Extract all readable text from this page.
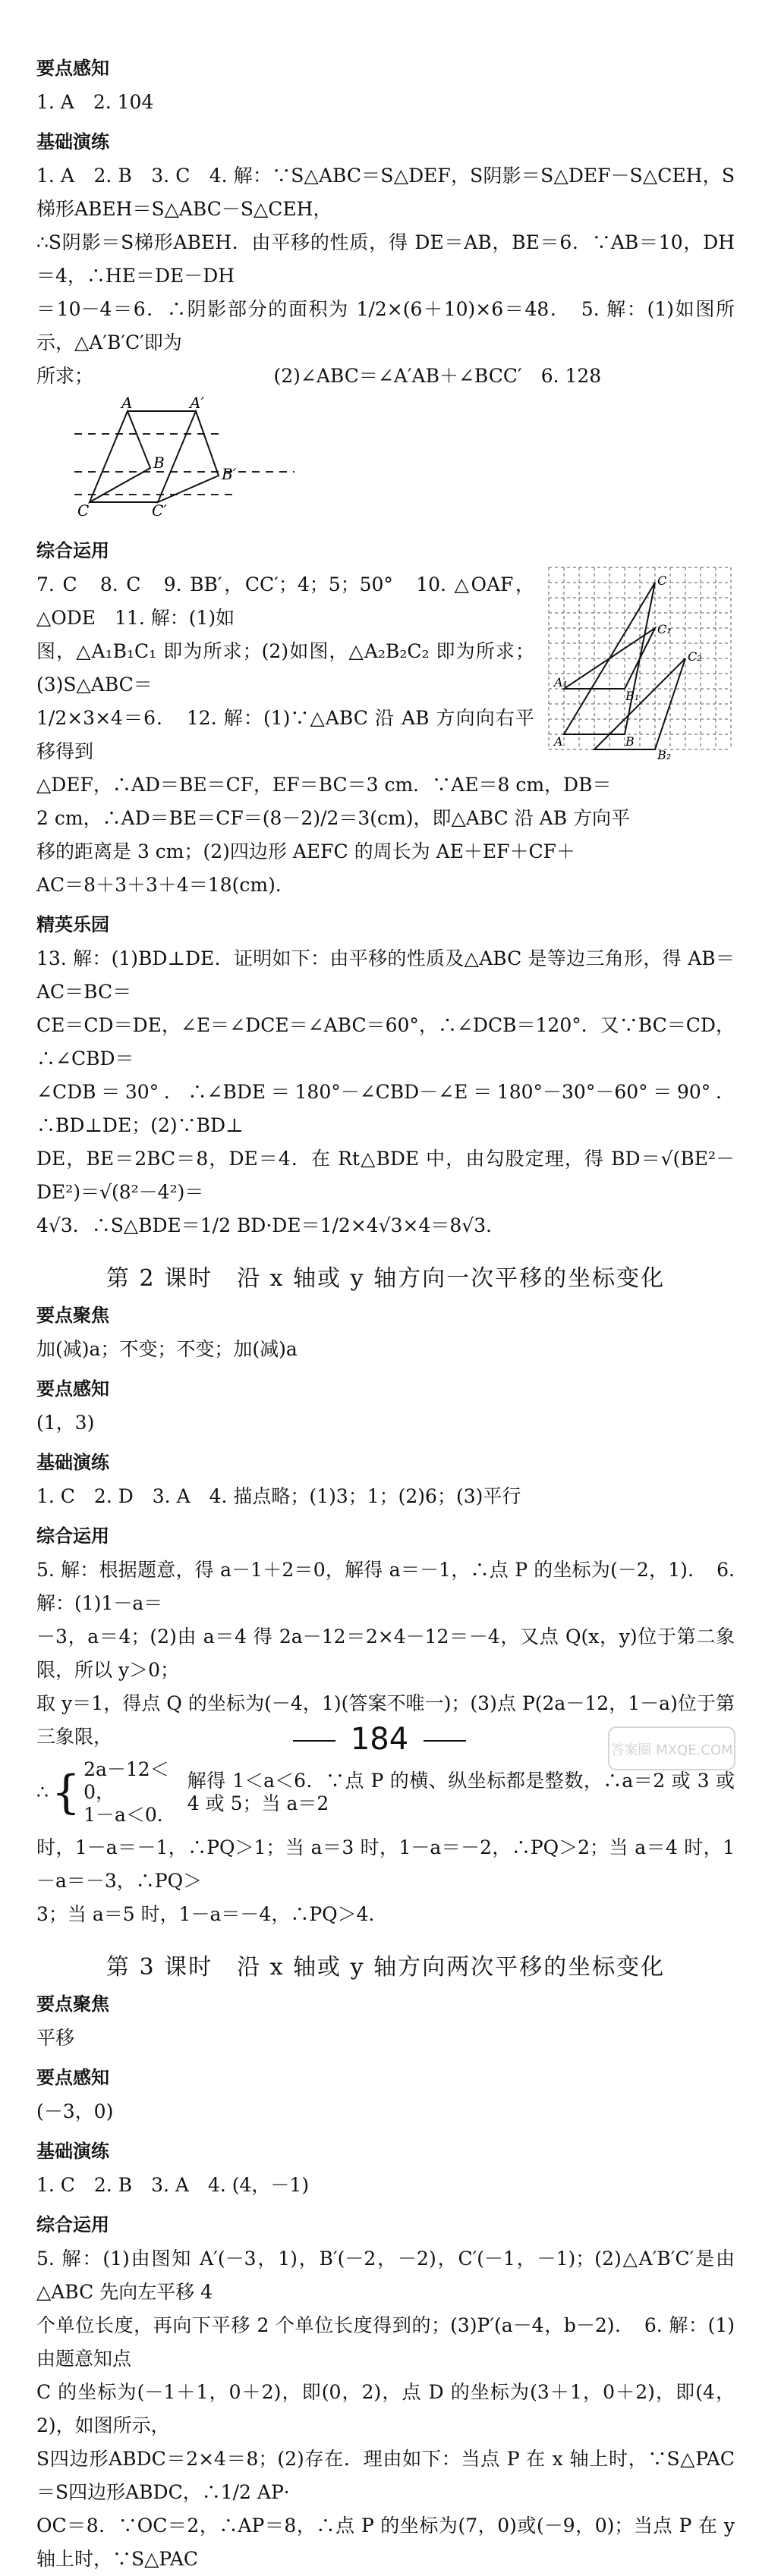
要点感知

1. A　2. 104

基础演练

1. A　2. B　3. C　4. 解：∵S△ABC＝S△DEF，S阴影＝S△DEF－S△CEH，S梯形ABEH＝S△ABC－S△CEH，

∴S阴影＝S梯形ABEH．由平移的性质，得 DE＝AB，BE＝6．∵AB＝10，DH＝4，∴HE＝DE－DH

＝10－4＝6．∴阴影部分的面积为 1/2×(6＋10)×6＝48．　5. 解：(1)如图所示，△A′B′C′即为

所求；　　　　　　　　　　(2)∠ABC＝∠A′AB＋∠BCC′　6. 128

A	A′
B
B′
C	C′
综合运用
C
C₁
C₂
A	B
A₁
B₁
B₂

7. C　8. C　9. BB′，CC′；4；5；50°　10. △OAF，△ODE　11. 解：(1)如

图，△A₁B₁C₁ 即为所求；(2)如图，△A₂B₂C₂ 即为所求；(3)S△ABC＝

1/2×3×4＝6．　12. 解：(1)∵△ABC 沿 AB 方向向右平移得到

△DEF，∴AD＝BE＝CF，EF＝BC＝3 cm．∵AE＝8 cm，DB＝

2 cm，∴AD＝BE＝CF＝(8－2)/2＝3(cm)，即△ABC 沿 AB 方向平

移的距离是 3 cm；(2)四边形 AEFC 的周长为 AE＋EF＋CF＋

AC＝8＋3＋3＋4＝18(cm)．

精英乐园

13. 解：(1)BD⊥DE．证明如下：由平移的性质及△ABC 是等边三角形，得 AB＝AC＝BC＝

CE＝CD＝DE，∠E＝∠DCE＝∠ABC＝60°，∴∠DCB＝120°．又∵BC＝CD，∴∠CBD＝

∠CDB＝30°．∴∠BDE＝180°－∠CBD－∠E＝180°－30°－60°＝90°．∴BD⊥DE；(2)∵BD⊥

DE，BE＝2BC＝8，DE＝4．在 Rt△BDE 中，由勾股定理，得 BD＝√(BE²－DE²)＝√(8²－4²)＝

4√3．∴S△BDE＝1/2 BD·DE＝1/2×4√3×4＝8√3．

第 2 课时　沿 x 轴或 y 轴方向一次平移的坐标变化
要点聚焦

加(减)a；不变；不变；加(减)a

要点感知

(1，3)

基础演练

1. C　2. D　3. A　4. 描点略；(1)3；1；(2)6；(3)平行

综合运用

5. 解：根据题意，得 a－1＋2＝0，解得 a＝－1，∴点 P 的坐标为(－2，1)．　6. 解：(1)1－a＝

－3，a＝4；(2)由 a＝4 得 2a－12＝2×4－12＝－4，又点 Q(x，y)位于第二象限，所以 y＞0；

取 y＝1，得点 Q 的坐标为(－4，1)(答案不唯一)；(3)点 P(2a－12，1－a)位于第三象限，

∴ { 2a－12＜0，
1－a＜0．
解得 1＜a＜6．∵点 P 的横、纵坐标都是整数，∴a＝2 或 3 或 4 或 5；当 a＝2

时，1－a＝－1，∴PQ＞1；当 a＝3 时，1－a＝－2，∴PQ＞2；当 a＝4 时，1－a＝－3，∴PQ＞

3；当 a＝5 时，1－a＝－4，∴PQ＞4．

第 3 课时　沿 x 轴或 y 轴方向两次平移的坐标变化
要点聚焦

平移

要点感知

(－3，0)

基础演练

1. C　2. B　3. A　4. (4，－1)

综合运用

5. 解：(1)由图知 A′(－3，1)，B′(－2，－2)，C′(－1，－1)；(2)△A′B′C′是由△ABC 先向左平移 4

个单位长度，再向下平移 2 个单位长度得到的；(3)P′(a－4，b－2)．　6. 解：(1)由题意知点

C 的坐标为(－1＋1，0＋2)，即(0，2)，点 D 的坐标为(3＋1，0＋2)，即(4，2)，如图所示，

S四边形ABDC＝2×4＝8；(2)存在．理由如下：当点 P 在 x 轴上时，∵S△PAC＝S四边形ABDC，∴1/2 AP·

OC＝8．∵OC＝2，∴AP＝8，∴点 P 的坐标为(7，0)或(－9，0)；当点 P 在 y 轴上时，∵S△PAC

184	答案圈 MXQE.COM
